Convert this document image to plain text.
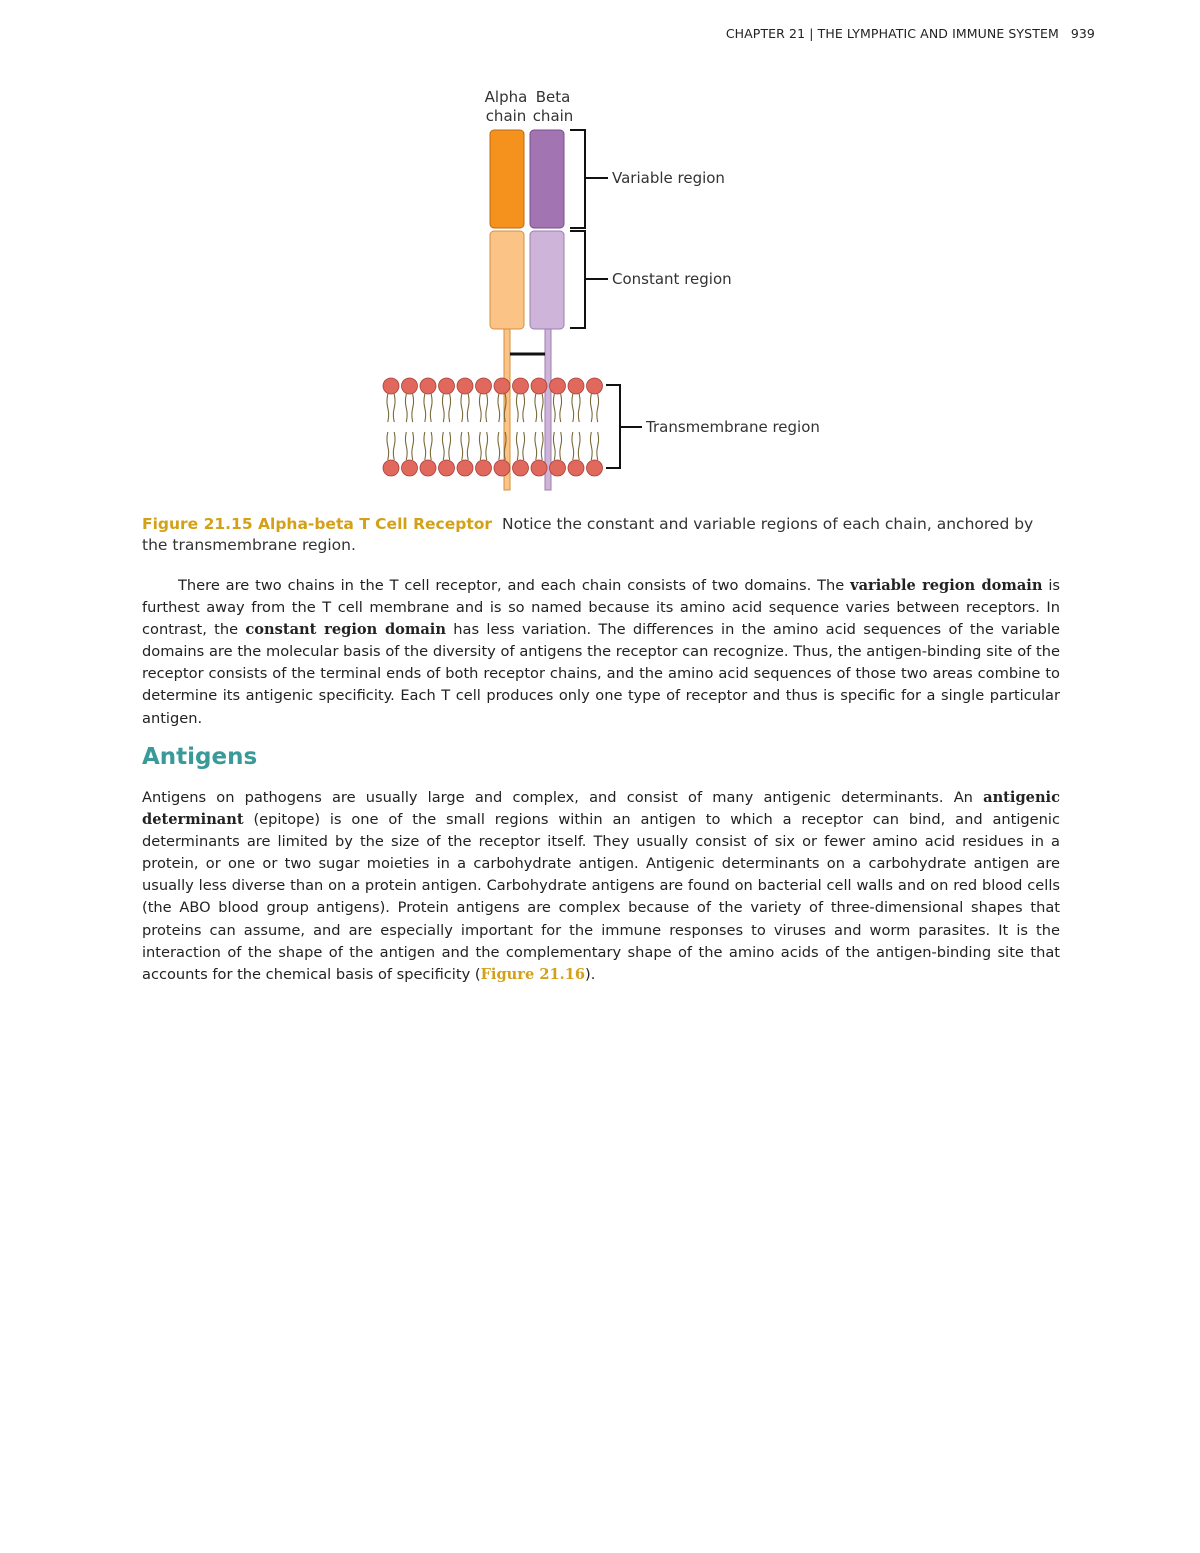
CHAPTER 21 | THE LYMPHATIC AND IMMUNE SYSTEM 939
Alpha
chain
Beta
chain
Variable region
Constant region
Transmembrane region
Figure 21.15 Alpha-beta T Cell Receptor Notice the constant and variable regions of each chain, anchored by the transmembrane region.
There are two chains in the T cell receptor, and each chain consists of two domains. The variable region domain is furthest away from the T cell membrane and is so named because its amino acid sequence varies between receptors. In contrast, the constant region domain has less variation. The differences in the amino acid sequences of the variable domains are the molecular basis of the diversity of antigens the receptor can recognize. Thus, the antigen-binding site of the receptor consists of the terminal ends of both receptor chains, and the amino acid sequences of those two areas combine to determine its antigenic specificity. Each T cell produces only one type of receptor and thus is specific for a single particular antigen.
Antigens
Antigens on pathogens are usually large and complex, and consist of many antigenic determinants. An antigenic determinant (epitope) is one of the small regions within an antigen to which a receptor can bind, and antigenic determinants are limited by the size of the receptor itself. They usually consist of six or fewer amino acid residues in a protein, or one or two sugar moieties in a carbohydrate antigen. Antigenic determinants on a carbohydrate antigen are usually less diverse than on a protein antigen. Carbohydrate antigens are found on bacterial cell walls and on red blood cells (the ABO blood group antigens). Protein antigens are complex because of the variety of three-dimensional shapes that proteins can assume, and are especially important for the immune responses to viruses and worm parasites. It is the interaction of the shape of the antigen and the complementary shape of the amino acids of the antigen-binding site that accounts for the chemical basis of specificity (Figure 21.16).
